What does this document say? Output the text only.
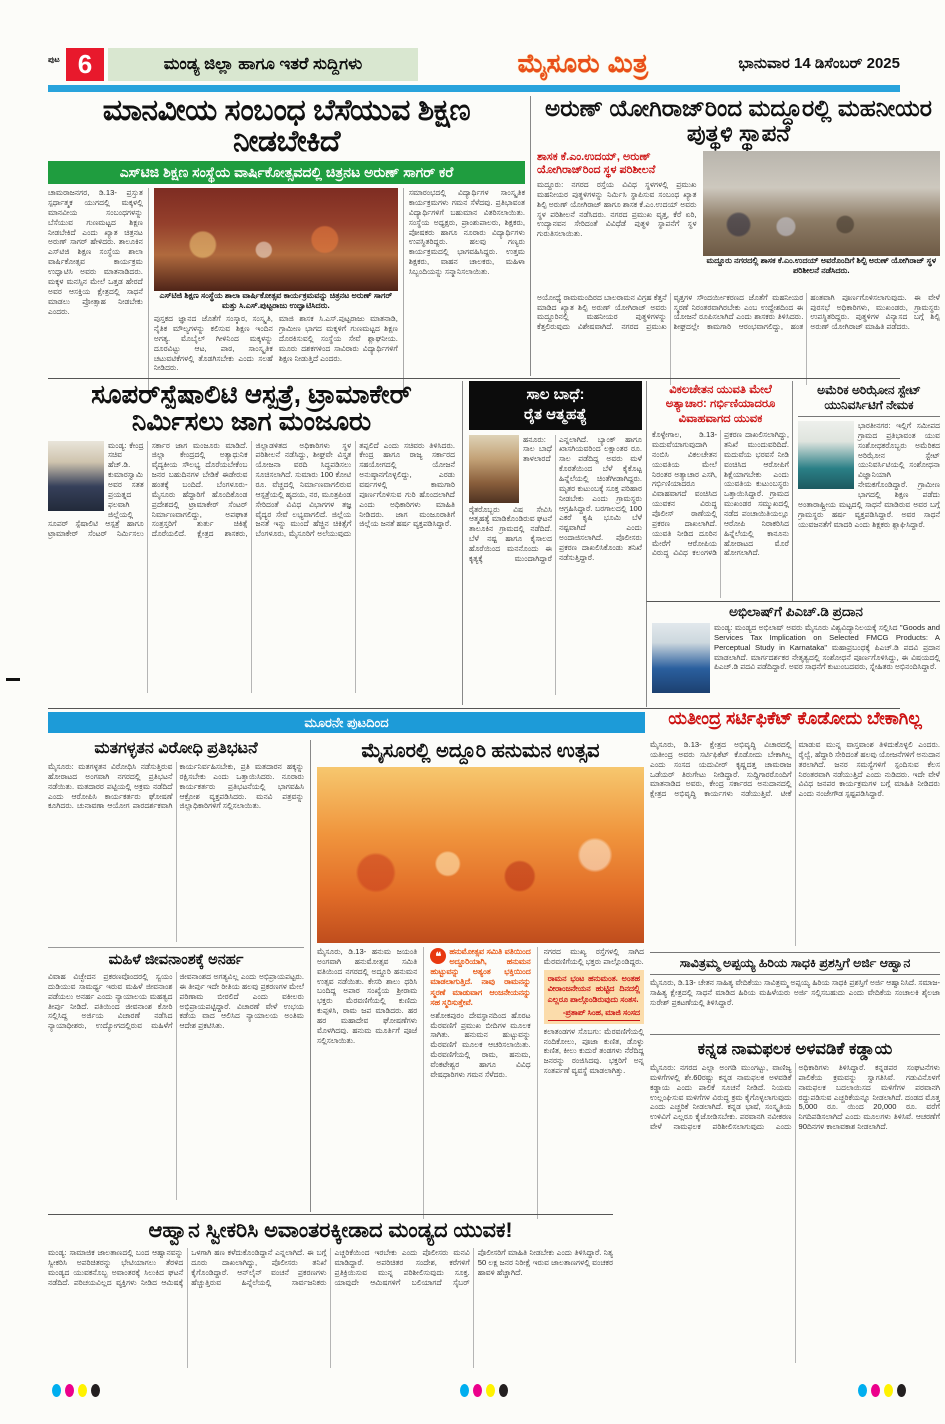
ಪುಟ 6	ಮಂಡ್ಯ ಜಿಲ್ಲಾ ಹಾಗೂ ಇತರೆ ಸುದ್ದಿಗಳು	ಮೈಸೂರು ಮಿತ್ರ	ಭಾನುವಾರ 14 ಡಿಸೆಂಬರ್ 2025
ಮಾನವೀಯ ಸಂಬಂಧ ಬೆಸೆಯುವ ಶಿಕ್ಷಣ ನೀಡಬೇಕಿದೆ
ಎಸ್‌ಟಿಜಿ ಶಿಕ್ಷಣ ಸಂಸ್ಥೆಯ ವಾರ್ಷಿಕೋತ್ಸವದಲ್ಲಿ ಚಿತ್ರನಟ ಅರುಣ್ ಸಾಗರ್ ಕರೆ
ಚಾಮರಾಜನಗರ, ಡಿ.13- ಪ್ರಸ್ತುತ ಸ್ಪರ್ಧಾತ್ಮಕ ಯುಗದಲ್ಲಿ ಮಕ್ಕಳಲ್ಲಿ ಮಾನವೀಯ ಸಂಬಂಧಗಳನ್ನು ಬೆಸೆಯುವ ಗುಣಮಟ್ಟದ ಶಿಕ್ಷಣ ನೀಡಬೇಕಿದೆ ಎಂದು ಖ್ಯಾತ ಚಿತ್ರನಟ ಅರುಣ್ ಸಾಗರ್ ಹೇಳಿದರು. ತಾಲೂಕಿನ ಎಸ್‌ಟಿಜಿ ಶಿಕ್ಷಣ ಸಂಸ್ಥೆಯ ಶಾಲಾ ವಾರ್ಷಿಕೋತ್ಸವ ಕಾರ್ಯಕ್ರಮ ಉದ್ಘಾಟಿಸಿ ಅವರು ಮಾತನಾಡಿದರು. ಮಕ್ಕಳ ಮನಸ್ಸಿನ ಮೇಲೆ ಒತ್ತಡ ಹೇರದೆ ಅವರ ಆಸಕ್ತಿಯ ಕ್ಷೇತ್ರದಲ್ಲಿ ಸಾಧನೆ ಮಾಡಲು ಪ್ರೋತ್ಸಾಹ ನೀಡಬೇಕು ಎಂದರು.
ಎಸ್‌ಟಿಜಿ ಶಿಕ್ಷಣ ಸಂಸ್ಥೆಯ ಶಾಲಾ ವಾರ್ಷಿಕೋತ್ಸವ ಕಾರ್ಯಕ್ರಮವನ್ನು ಚಿತ್ರನಟ ಅರುಣ್ ಸಾಗರ್ ಮತ್ತು ಸಿ.ಎಸ್.ಪುಟ್ಟರಾಜು ಉದ್ಘಾಟಿಸಿದರು.
ಪುಸ್ತಕದ ಜ್ಞಾನದ ಜೊತೆಗೆ ಸಂಸ್ಕಾರ, ಸಂಸ್ಕೃತಿ, ನೈತಿಕ ಮೌಲ್ಯಗಳನ್ನು ಕಲಿಸುವ ಶಿಕ್ಷಣ ಇಂದಿನ ಅಗತ್ಯ. ಮೊಬೈಲ್ ಗೀಳಿನಿಂದ ಮಕ್ಕಳನ್ನು ದೂರವಿಟ್ಟು ಆಟ, ಪಾಠ, ಸಾಂಸ್ಕೃತಿಕ ಚಟುವಟಿಕೆಗಳಲ್ಲಿ ತೊಡಗಿಸಬೇಕು ಎಂದು ಸಲಹೆ ನೀಡಿದರು.
ಮಾಜಿ ಶಾಸಕ ಸಿ.ಎಸ್.ಪುಟ್ಟರಾಜು ಮಾತನಾಡಿ, ಗ್ರಾಮೀಣ ಭಾಗದ ಮಕ್ಕಳಿಗೆ ಗುಣಮಟ್ಟದ ಶಿಕ್ಷಣ ದೊರಕಿಸುವಲ್ಲಿ ಸಂಸ್ಥೆಯ ಸೇವೆ ಶ್ಲಾಘನೀಯ. ಮೂರು ದಶಕಗಳಿಂದ ಸಾವಿರಾರು ವಿದ್ಯಾರ್ಥಿಗಳಿಗೆ ಶಿಕ್ಷಣ ನೀಡುತ್ತಿದೆ ಎಂದರು.
ಸಮಾರಂಭದಲ್ಲಿ ವಿದ್ಯಾರ್ಥಿಗಳ ಸಾಂಸ್ಕೃತಿಕ ಕಾರ್ಯಕ್ರಮಗಳು ಗಮನ ಸೆಳೆದವು. ಪ್ರತಿಭಾವಂತ ವಿದ್ಯಾರ್ಥಿಗಳಿಗೆ ಬಹುಮಾನ ವಿತರಿಸಲಾಯಿತು. ಸಂಸ್ಥೆಯ ಅಧ್ಯಕ್ಷರು, ಪ್ರಾಂಶುಪಾಲರು, ಶಿಕ್ಷಕರು, ಪೋಷಕರು ಹಾಗೂ ನೂರಾರು ವಿದ್ಯಾರ್ಥಿಗಳು ಉಪಸ್ಥಿತರಿದ್ದರು. ಹಲವು ಗಣ್ಯರು ಕಾರ್ಯಕ್ರಮದಲ್ಲಿ ಭಾಗವಹಿಸಿದ್ದರು. ಉತ್ತಮ ಶಿಕ್ಷಕರು, ವಾಹನ ಚಾಲಕರು, ಮಹಿಳಾ ಸಿಬ್ಬಂದಿಯನ್ನು ಸನ್ಮಾನಿಸಲಾಯಿತು.
ಅರುಣ್ ಯೋಗಿರಾಜ್‌ರಿಂದ ಮದ್ದೂರಲ್ಲಿ ಮಹನೀಯರ ಪುತ್ಥಳಿ ಸ್ಥಾಪನೆ
ಶಾಸಕ ಕೆ.ಎಂ.ಉದಯ್, ಅರುಣ್ ಯೋಗಿರಾಜ್‌ರಿಂದ ಸ್ಥಳ ಪರಿಶೀಲನೆ
ಮದ್ದೂರು: ನಗರದ ರಸ್ತೆಯ ವಿವಿಧ ಸ್ಥಳಗಳಲ್ಲಿ ಪ್ರಮುಖ ಮಹನೀಯರ ಪುತ್ಥಳಿಗಳನ್ನು ನಿರ್ಮಿಸಿ ಸ್ಥಾಪಿಸುವ ಸಂಬಂಧ ಖ್ಯಾತ ಶಿಲ್ಪಿ ಅರುಣ್ ಯೋಗಿರಾಜ್ ಹಾಗೂ ಶಾಸಕ ಕೆ.ಎಂ.ಉದಯ್ ಅವರು ಸ್ಥಳ ಪರಿಶೀಲನೆ ನಡೆಸಿದರು. ನಗರದ ಪ್ರಮುಖ ವೃತ್ತ, ಕೆರೆ ಏರಿ, ಉದ್ಯಾನವನ ಸೇರಿದಂತೆ ವಿವಿಧೆಡೆ ಪುತ್ಥಳಿ ಸ್ಥಾಪನೆಗೆ ಸ್ಥಳ ಗುರುತಿಸಲಾಯಿತು.
ಮದ್ದೂರು ನಗರದಲ್ಲಿ ಶಾಸಕ ಕೆ.ಎಂ.ಉದಯ್ ಅವರೊಂದಿಗೆ ಶಿಲ್ಪಿ ಅರುಣ್ ಯೋಗಿರಾಜ್ ಸ್ಥಳ ಪರಿಶೀಲನೆ ನಡೆಸಿದರು.
ಅಯೋಧ್ಯೆ ರಾಮಮಂದಿರದ ಬಾಲರಾಮನ ವಿಗ್ರಹ ಕೆತ್ತನೆ ಮಾಡಿದ ಖ್ಯಾತ ಶಿಲ್ಪಿ ಅರುಣ್ ಯೋಗಿರಾಜ್ ಅವರು ಮದ್ದೂರಿನಲ್ಲಿ ಮಹನೀಯರ ಪುತ್ಥಳಿಗಳನ್ನು ಕೆತ್ತಲಿರುವುದು ವಿಶೇಷವಾಗಿದೆ. ನಗರದ ಪ್ರಮುಖ ವೃತ್ತಗಳ ಸೌಂದರ್ಯೀಕರಣದ ಜೊತೆಗೆ ಮಹನೀಯರ ಸ್ಮರಣೆ ನಿರಂತರವಾಗಿರಬೇಕು ಎಂಬ ಉದ್ದೇಶದಿಂದ ಈ ಯೋಜನೆ ರೂಪಿಸಲಾಗಿದೆ ಎಂದು ಶಾಸಕರು ತಿಳಿಸಿದರು. ಶೀಘ್ರದಲ್ಲೇ ಕಾಮಗಾರಿ ಆರಂಭವಾಗಲಿದ್ದು, ಹಂತ ಹಂತವಾಗಿ ಪೂರ್ಣಗೊಳಿಸಲಾಗುವುದು. ಈ ವೇಳೆ ಪುರಸಭೆ ಅಧಿಕಾರಿಗಳು, ಮುಖಂಡರು, ಗ್ರಾಮಸ್ಥರು ಉಪಸ್ಥಿತರಿದ್ದರು. ಪುತ್ಥಳಿಗಳ ವಿನ್ಯಾಸದ ಬಗ್ಗೆ ಶಿಲ್ಪಿ ಅರುಣ್ ಯೋಗಿರಾಜ್ ಮಾಹಿತಿ ಪಡೆದರು.
ಸೂಪರ್‌ಸ್ಪೆಷಾಲಿಟಿ ಆಸ್ಪತ್ರೆ, ಟ್ರಾಮಾಕೇರ್ ನಿರ್ಮಿಸಲು ಜಾಗ ಮಂಜೂರು
ಮಂಡ್ಯ: ಕೇಂದ್ರ ಸಚಿವ ಹೆಚ್.ಡಿ. ಕುಮಾರಸ್ವಾಮಿ ಅವರ ಸತತ ಪ್ರಯತ್ನದ ಫಲವಾಗಿ ಜಿಲ್ಲೆಯಲ್ಲಿ ಸೂಪರ್ ಸ್ಪೆಷಾಲಿಟಿ ಆಸ್ಪತ್ರೆ ಹಾಗೂ ಟ್ರಾಮಾಕೇರ್ ಸೆಂಟರ್ ನಿರ್ಮಿಸಲು ಸರ್ಕಾರ ಜಾಗ ಮಂಜೂರು ಮಾಡಿದೆ. ಜಿಲ್ಲಾ ಕೇಂದ್ರದಲ್ಲಿ ಅತ್ಯಾಧುನಿಕ ವೈದ್ಯಕೀಯ ಸೌಲಭ್ಯ ದೊರೆಯಬೇಕೆಂಬ ಜನರ ಬಹುದಿನಗಳ ಬೇಡಿಕೆ ಈಡೇರುವ ಹಂತಕ್ಕೆ ಬಂದಿದೆ. ಬೆಂಗಳೂರು-ಮೈಸೂರು ಹೆದ್ದಾರಿಗೆ ಹೊಂದಿಕೊಂಡ ಪ್ರದೇಶದಲ್ಲಿ ಟ್ರಾಮಾಕೇರ್ ಸೆಂಟರ್ ನಿರ್ಮಾಣವಾಗಲಿದ್ದು, ಅಪಘಾತ ಸಂತ್ರಸ್ತರಿಗೆ ತುರ್ತು ಚಿಕಿತ್ಸೆ ದೊರೆಯಲಿದೆ. ಕ್ಷೇತ್ರದ ಶಾಸಕರು, ಜಿಲ್ಲಾಡಳಿತದ ಅಧಿಕಾರಿಗಳು ಸ್ಥಳ ಪರಿಶೀಲನೆ ನಡೆಸಿದ್ದು, ಶೀಘ್ರವೇ ವಿಸ್ತೃತ ಯೋಜನಾ ವರದಿ ಸಿದ್ಧಪಡಿಸಲು ಸೂಚಿಸಲಾಗಿದೆ. ಸುಮಾರು 100 ಕೋಟಿ ರೂ. ವೆಚ್ಚದಲ್ಲಿ ನಿರ್ಮಾಣವಾಗಲಿರುವ ಆಸ್ಪತ್ರೆಯಲ್ಲಿ ಹೃದಯ, ನರ, ಮೂತ್ರಪಿಂಡ ಸೇರಿದಂತೆ ವಿವಿಧ ವಿಭಾಗಗಳ ತಜ್ಞ ವೈದ್ಯರ ಸೇವೆ ಲಭ್ಯವಾಗಲಿದೆ. ಜಿಲ್ಲೆಯ ಜನತೆ ಇನ್ನು ಮುಂದೆ ಹೆಚ್ಚಿನ ಚಿಕಿತ್ಸೆಗೆ ಬೆಂಗಳೂರು, ಮೈಸೂರಿಗೆ ಅಲೆಯುವುದು ತಪ್ಪಲಿದೆ ಎಂದು ಸಚಿವರು ತಿಳಿಸಿದರು. ಕೇಂದ್ರ ಹಾಗೂ ರಾಜ್ಯ ಸರ್ಕಾರದ ಸಹಯೋಗದಲ್ಲಿ ಯೋಜನೆ ಅನುಷ್ಠಾನಗೊಳ್ಳಲಿದ್ದು, ಎರಡು ವರ್ಷಗಳಲ್ಲಿ ಕಾಮಗಾರಿ ಪೂರ್ಣಗೊಳಿಸುವ ಗುರಿ ಹೊಂದಲಾಗಿದೆ ಎಂದು ಅಧಿಕಾರಿಗಳು ಮಾಹಿತಿ ನೀಡಿದರು. ಜಾಗ ಮಂಜೂರಾತಿಗೆ ಜಿಲ್ಲೆಯ ಜನತೆ ಹರ್ಷ ವ್ಯಕ್ತಪಡಿಸಿದ್ದಾರೆ.
ಸಾಲ ಬಾಧೆ:
ರೈತ ಆತ್ಮಹತ್ಯೆ
ಹನೂರು: ಸಾಲ ಬಾಧೆ ತಾಳಲಾರದೆ ರೈತರೊಬ್ಬರು ವಿಷ ಸೇವಿಸಿ ಆತ್ಮಹತ್ಯೆ ಮಾಡಿಕೊಂಡಿರುವ ಘಟನೆ ತಾಲೂಕಿನ ಗ್ರಾಮದಲ್ಲಿ ನಡೆದಿದೆ. ಬೆಳೆ ನಷ್ಟ ಹಾಗೂ ಕೈಸಾಲದ ಹೊರೆಯಿಂದ ಮನನೊಂದು ಈ ಕೃತ್ಯಕ್ಕೆ ಮುಂದಾಗಿದ್ದಾರೆ ಎನ್ನಲಾಗಿದೆ. ಬ್ಯಾಂಕ್ ಹಾಗೂ ಖಾಸಗಿಯವರಿಂದ ಲಕ್ಷಾಂತರ ರೂ. ಸಾಲ ಪಡೆದಿದ್ದ ಅವರು ಮಳೆ ಕೊರತೆಯಿಂದ ಬೆಳೆ ಕೈಕೊಟ್ಟ ಹಿನ್ನೆಲೆಯಲ್ಲಿ ಚಿಂತೆಗೀಡಾಗಿದ್ದರು. ಮೃತರ ಕುಟುಂಬಕ್ಕೆ ಸೂಕ್ತ ಪರಿಹಾರ ನೀಡಬೇಕು ಎಂದು ಗ್ರಾಮಸ್ಥರು ಆಗ್ರಹಿಸಿದ್ದಾರೆ. ಬರಗಾಲದಲ್ಲಿ 100 ಎಕರೆ ಕೃಷಿ ಭೂಮಿ ಬೆಳೆ ನಷ್ಟವಾಗಿದೆ ಎಂದು ಅಂದಾಜಿಸಲಾಗಿದೆ. ಪೊಲೀಸರು ಪ್ರಕರಣ ದಾಖಲಿಸಿಕೊಂಡು ತನಿಖೆ ನಡೆಸುತ್ತಿದ್ದಾರೆ.
ವಿಕಲಚೇತನ ಯುವತಿ ಮೇಲೆ ಅತ್ಯಾಚಾರ: ಗರ್ಭಿಣಿಯಾದರೂ ವಿವಾಹವಾಗದ ಯುವಕ
ಕೊಳ್ಳೇಗಾಲ, ಡಿ.13- ಮದುವೆಯಾಗುವುದಾಗಿ ನಂಬಿಸಿ ವಿಕಲಚೇತನ ಯುವತಿಯ ಮೇಲೆ ನಿರಂತರ ಅತ್ಯಾಚಾರ ಎಸಗಿ, ಗರ್ಭಿಣಿಯಾದರೂ ವಿವಾಹವಾಗದೆ ವಂಚಿಸಿದ ಯುವಕನ ವಿರುದ್ಧ ಪೊಲೀಸ್ ಠಾಣೆಯಲ್ಲಿ ಪ್ರಕರಣ ದಾಖಲಾಗಿದೆ. ಯುವತಿ ನೀಡಿದ ದೂರಿನ ಮೇರೆಗೆ ಆರೋಪಿಯ ವಿರುದ್ಧ ವಿವಿಧ ಕಲಂಗಳಡಿ ಪ್ರಕರಣ ದಾಖಲಿಸಲಾಗಿದ್ದು, ತನಿಖೆ ಮುಂದುವರಿದಿದೆ. ಮದುವೆಯ ಭರವಸೆ ನೀಡಿ ವಂಚಿಸಿದ ಆರೋಪಿಗೆ ಶಿಕ್ಷೆಯಾಗಬೇಕು ಎಂದು ಯುವತಿಯ ಕುಟುಂಬಸ್ಥರು ಒತ್ತಾಯಿಸಿದ್ದಾರೆ. ಗ್ರಾಮದ ಮುಖಂಡರ ಸಮ್ಮುಖದಲ್ಲಿ ನಡೆದ ಪಂಚಾಯಿತಿಯಲ್ಲೂ ಆರೋಪಿ ನಿರಾಕರಿಸಿದ ಹಿನ್ನೆಲೆಯಲ್ಲಿ ಕಾನೂನು ಹೋರಾಟದ ಮೊರೆ ಹೋಗಲಾಗಿದೆ.
ಅಮೆರಿಕ ಅರಿಝೋನ ಸ್ಟೇಟ್ ಯುನಿವರ್ಸಿಟಿಗೆ ನೇಮಕ
ಭಾರತೀನಗರ: ಇಲ್ಲಿಗೆ ಸಮೀಪದ ಗ್ರಾಮದ ಪ್ರತಿಭಾವಂತ ಯುವ ಸಂಶೋಧಕರೊಬ್ಬರು ಅಮೆರಿಕದ ಅರಿಝೋನ ಸ್ಟೇಟ್ ಯುನಿವರ್ಸಿಟಿಯಲ್ಲಿ ಸಂಶೋಧನಾ ವಿಜ್ಞಾನಿಯಾಗಿ ನೇಮಕಗೊಂಡಿದ್ದಾರೆ. ಗ್ರಾಮೀಣ ಭಾಗದಲ್ಲಿ ಶಿಕ್ಷಣ ಪಡೆದು ಅಂತಾರಾಷ್ಟ್ರೀಯ ಮಟ್ಟದಲ್ಲಿ ಸಾಧನೆ ಮಾಡಿರುವ ಅವರ ಬಗ್ಗೆ ಗ್ರಾಮಸ್ಥರು ಹರ್ಷ ವ್ಯಕ್ತಪಡಿಸಿದ್ದಾರೆ. ಅವರ ಸಾಧನೆ ಯುವಜನತೆಗೆ ಮಾದರಿ ಎಂದು ಶಿಕ್ಷಕರು ಶ್ಲಾಘಿಸಿದ್ದಾರೆ.
ಅಭಿಲಾಷ್‌ಗೆ ಪಿಎಚ್.ಡಿ ಪ್ರದಾನ
ಮಂಡ್ಯ: ಮಂಡ್ಯದ ಅಭಿಲಾಷ್ ಅವರು ಮೈಸೂರು ವಿಶ್ವವಿದ್ಯಾನಿಲಯಕ್ಕೆ ಸಲ್ಲಿಸಿದ "Goods and Services Tax Implication on Selected FMCG Products: A Perceptual Study in Karnataka" ಮಹಾಪ್ರಬಂಧಕ್ಕೆ ಪಿಎಚ್.ಡಿ ಪದವಿ ಪ್ರದಾನ ಮಾಡಲಾಗಿದೆ. ಮಾರ್ಗದರ್ಶಕರ ನೇತೃತ್ವದಲ್ಲಿ ಸಂಶೋಧನೆ ಪೂರ್ಣಗೊಳಿಸಿದ್ದು, ಈ ವಿಷಯದಲ್ಲಿ ಪಿಎಚ್.ಡಿ ಪದವಿ ಪಡೆದಿದ್ದಾರೆ. ಅವರ ಸಾಧನೆಗೆ ಕುಟುಂಬದವರು, ಸ್ನೇಹಿತರು ಅಭಿನಂದಿಸಿದ್ದಾರೆ.
ಮೂರನೇ ಪುಟದಿಂದ	ಯತೀಂದ್ರ ಸರ್ಟಿಫಿಕೆಟ್ ಕೊಡೋದು ಬೇಕಾಗಿಲ್ಲ
ಮತಗಳ್ಳತನ ವಿರೋಧಿ ಪ್ರತಿಭಟನೆ
ಮೈಸೂರು: ಮತಗಳ್ಳತನ ವಿರೋಧಿಸಿ ನಡೆಸುತ್ತಿರುವ ಹೋರಾಟದ ಅಂಗವಾಗಿ ನಗರದಲ್ಲಿ ಪ್ರತಿಭಟನೆ ನಡೆಯಿತು. ಮತದಾರರ ಪಟ್ಟಿಯಲ್ಲಿ ಅಕ್ರಮ ನಡೆದಿದೆ ಎಂದು ಆರೋಪಿಸಿ ಕಾರ್ಯಕರ್ತರು ಘೋಷಣೆ ಕೂಗಿದರು. ಚುನಾವಣಾ ಆಯೋಗ ಪಾರದರ್ಶಕವಾಗಿ ಕಾರ್ಯನಿರ್ವಹಿಸಬೇಕು, ಪ್ರತಿ ಮತದಾರನ ಹಕ್ಕನ್ನು ರಕ್ಷಿಸಬೇಕು ಎಂದು ಒತ್ತಾಯಿಸಿದರು. ನೂರಾರು ಕಾರ್ಯಕರ್ತರು ಪ್ರತಿಭಟನೆಯಲ್ಲಿ ಭಾಗವಹಿಸಿ ಆಕ್ರೋಶ ವ್ಯಕ್ತಪಡಿಸಿದರು. ಮನವಿ ಪತ್ರವನ್ನು ಜಿಲ್ಲಾಧಿಕಾರಿಗಳಿಗೆ ಸಲ್ಲಿಸಲಾಯಿತು.
ಮಹಿಳೆ ಜೀವನಾಂಶಕ್ಕೆ ಅನರ್ಹ
ವಿವಾಹ ವಿಚ್ಛೇದನ ಪ್ರಕರಣವೊಂದರಲ್ಲಿ ಸ್ವಯಂ ದುಡಿಯುವ ಸಾಮರ್ಥ್ಯ ಇರುವ ಮಹಿಳೆ ಜೀವನಾಂಶ ಪಡೆಯಲು ಅನರ್ಹ ಎಂದು ನ್ಯಾಯಾಲಯ ಮಹತ್ವದ ತೀರ್ಪು ನೀಡಿದೆ. ಪತಿಯಿಂದ ಜೀವನಾಂಶ ಕೋರಿ ಸಲ್ಲಿಸಿದ್ದ ಅರ್ಜಿಯ ವಿಚಾರಣೆ ನಡೆಸಿದ ನ್ಯಾಯಾಧೀಶರು, ಉದ್ಯೋಗದಲ್ಲಿರುವ ಮಹಿಳೆಗೆ ಜೀವನಾಂಶದ ಅಗತ್ಯವಿಲ್ಲ ಎಂದು ಅಭಿಪ್ರಾಯಪಟ್ಟರು. ಈ ತೀರ್ಪು ಇದೇ ರೀತಿಯ ಹಲವು ಪ್ರಕರಣಗಳ ಮೇಲೆ ಪರಿಣಾಮ ಬೀರಲಿದೆ ಎಂದು ವಕೀಲರು ಅಭಿಪ್ರಾಯಪಟ್ಟಿದ್ದಾರೆ. ವಿಚಾರಣೆ ವೇಳೆ ಉಭಯ ಕಡೆಯ ವಾದ ಆಲಿಸಿದ ನ್ಯಾಯಾಲಯ ಅಂತಿಮ ಆದೇಶ ಪ್ರಕಟಿಸಿತು.
ಮೈಸೂರಲ್ಲಿ ಅದ್ದೂರಿ ಹನುಮನ ಉತ್ಸವ
ಮೈಸೂರು, ಡಿ.13- ಹನುಮ ಜಯಂತಿ ಅಂಗವಾಗಿ ಹನುಮೋತ್ಸವ ಸಮಿತಿ ವತಿಯಿಂದ ನಗರದಲ್ಲಿ ಅದ್ದೂರಿ ಹನುಮನ ಉತ್ಸವ ನಡೆಯಿತು. ಕೇಸರಿ ಶಾಲು ಧರಿಸಿ ಬಂದಿದ್ದ ಅಪಾರ ಸಂಖ್ಯೆಯ ಶ್ರೀರಾಮ ಭಕ್ತರು ಮೆರವಣಿಗೆಯಲ್ಲಿ ಕುಣಿದು ಕುಪ್ಪಳಿಸಿ, ರಾಮ ಜಪ ಮಾಡಿದರು. ಹರ ಹರ ಮಹಾದೇವ ಘೋಷಣೆಗಳು ಮೊಳಗಿದವು. ಹನುಮ ಮೂರ್ತಿಗೆ ಪೂಜೆ ಸಲ್ಲಿಸಲಾಯಿತು.
❝	ಹನುಮೋತ್ಸವ ಸಮಿತಿ ವತಿಯಿಂದ ಅದ್ದೂರಿಯಾಗಿ, ಹನುಮನ ಹುಟ್ಟುವನ್ನು ಅತ್ಯಂತ ಭಕ್ತಿಯಿಂದ ಮಾಡಲಾಗುತ್ತಿದೆ. ನಾವು ರಾಮನನ್ನು ಸ್ಮರಣೆ ಮಾಡುವಾಗ ಆಂಜನೇಯನನ್ನು ಸಹ ಸ್ಮರಿಸುತ್ತೇವೆ.
ಅಶೋಕಪುರಂ ದೇವಸ್ಥಾನದಿಂದ ಹೊರಟ ಮೆರವಣಿಗೆ ಪ್ರಮುಖ ಬೀದಿಗಳ ಮೂಲಕ ಸಾಗಿತು. ಹನುಮನ ಹುಟ್ಟುವನ್ನು ಮೆರವಣಿಗೆ ಮೂಲಕ ಆಚರಿಸಲಾಯಿತು. ಮೆರವಣಿಗೆಯಲ್ಲಿ ರಾಮ, ಹನುಮ, ವೆಂಕಟೇಶ್ವರ ಹಾಗೂ ವಿವಿಧ ವೇಷಧಾರಿಗಳು ಗಮನ ಸೆಳೆದರು.
ನಗರದ ಮುಖ್ಯ ರಸ್ತೆಗಳಲ್ಲಿ ಸಾಗಿದ ಮೆರವಣಿಗೆಯಲ್ಲಿ ಭಕ್ತರು ಪಾಲ್ಗೊಂಡಿದ್ದರು.
ರಾಮನ ಭಂಟ ಹನುಮಂತ. ಅಂತಹ ವೀರಾಂಜನೇಯನ ಹುಟ್ಟಿದ ದಿನದಲ್ಲಿ ಎಲ್ಲರೂ ಪಾಲ್ಗೊಂಡಿರುವುದು ಸಂತಸ.
-ಪ್ರತಾಪ್ ಸಿಂಹ, ಮಾಜಿ ಸಂಸದ
ಕಲಾತಂಡಗಳ ಸೊಬಗು: ಮೆರವಣಿಗೆಯಲ್ಲಿ ನಂದಿಕೋಲು, ಪೂಜಾ ಕುಣಿತ, ಡೊಳ್ಳು ಕುಣಿತ, ಕೀಲು ಕುದುರೆ ತಂಡಗಳು ನೆರೆದಿದ್ದ ಜನರನ್ನು ರಂಜಿಸಿದವು. ಭಕ್ತರಿಗೆ ಅನ್ನ ಸಂತರ್ಪಣೆ ವ್ಯವಸ್ಥೆ ಮಾಡಲಾಗಿತ್ತು.
ಮೈಸೂರು, ಡಿ.13- ಕ್ಷೇತ್ರದ ಅಭಿವೃದ್ಧಿ ವಿಚಾರದಲ್ಲಿ ಯತೀಂದ್ರ ಅವರು ಸರ್ಟಿಫಿಕೆಟ್ ಕೊಡೋದು ಬೇಕಾಗಿಲ್ಲ ಎಂದು ಸಂಸದ ಯದುವೀರ್ ಕೃಷ್ಣದತ್ತ ಚಾಮರಾಜ ಒಡೆಯರ್ ತಿರುಗೇಟು ನೀಡಿದ್ದಾರೆ. ಸುದ್ದಿಗಾರರೊಂದಿಗೆ ಮಾತನಾಡಿದ ಅವರು, ಕೇಂದ್ರ ಸರ್ಕಾರದ ಅನುದಾನದಲ್ಲಿ ಕ್ಷೇತ್ರದ ಅಭಿವೃದ್ಧಿ ಕಾರ್ಯಗಳು ನಡೆಯುತ್ತಿವೆ. ಟೀಕೆ ಮಾಡುವ ಮುನ್ನ ವಾಸ್ತವಾಂಶ ತಿಳಿದುಕೊಳ್ಳಲಿ ಎಂದರು. ರೈಲ್ವೆ, ಹೆದ್ದಾರಿ ಸೇರಿದಂತೆ ಹಲವು ಯೋಜನೆಗಳಿಗೆ ಅನುದಾನ ತರಲಾಗಿದೆ. ಜನರ ಸಮಸ್ಯೆಗಳಿಗೆ ಸ್ಪಂದಿಸುವ ಕೆಲಸ ನಿರಂತರವಾಗಿ ನಡೆಯುತ್ತಿದೆ ಎಂದು ನುಡಿದರು. ಇದೇ ವೇಳೆ ವಿವಿಧ ಜನಪರ ಕಾರ್ಯಕ್ರಮಗಳ ಬಗ್ಗೆ ಮಾಹಿತಿ ನೀಡಿದರು ಎಂದು ನಂಜೇಗೌಡ ಸ್ಪಷ್ಟಪಡಿಸಿದ್ದಾರೆ.
ಸಾವಿತ್ರಮ್ಮ ಅಪ್ಪಯ್ಯ ಹಿರಿಯ ಸಾಧಕಿ ಪ್ರಶಸ್ತಿಗೆ ಅರ್ಜಿ ಆಹ್ವಾನ
ಮೈಸೂರು, ಡಿ.13- ಚೇತನ ಸಾಹಿತ್ಯ ವೇದಿಕೆಯು ಸಾವಿತ್ರಮ್ಮ ಅಪ್ಪಯ್ಯ ಹಿರಿಯ ಸಾಧಕಿ ಪ್ರಶಸ್ತಿಗೆ ಅರ್ಜಿ ಆಹ್ವಾನಿಸಿದೆ. ಸಮಾಜ- ಸಾಹಿತ್ಯ ಕ್ಷೇತ್ರದಲ್ಲಿ ಸಾಧನೆ ಮಾಡಿದ ಹಿರಿಯ ಮಹಿಳೆಯರು ಅರ್ಜಿ ಸಲ್ಲಿಸಬಹುದು ಎಂದು ವೇದಿಕೆಯ ಸಂಚಾಲಕಿ ಶೈಲಜಾ ಸುರೇಶ್ ಪ್ರಕಟಣೆಯಲ್ಲಿ ತಿಳಿಸಿದ್ದಾರೆ.
ಕನ್ನಡ ನಾಮಫಲಕ ಅಳವಡಿಕೆ ಕಡ್ಡಾಯ
ಮೈಸೂರು: ನಗರದ ಎಲ್ಲಾ ಅಂಗಡಿ ಮುಂಗಟ್ಟು, ವಾಣಿಜ್ಯ ಮಳಿಗೆಗಳಲ್ಲಿ ಶೇ.60ರಷ್ಟು ಕನ್ನಡ ನಾಮಫಲಕ ಅಳವಡಿಕೆ ಕಡ್ಡಾಯ ಎಂದು ಪಾಲಿಕೆ ಸೂಚನೆ ನೀಡಿದೆ. ನಿಯಮ ಉಲ್ಲಂಘಿಸುವ ಮಳಿಗೆಗಳ ವಿರುದ್ಧ ಕ್ರಮ ಕೈಗೊಳ್ಳಲಾಗುವುದು ಎಂದು ಎಚ್ಚರಿಕೆ ನೀಡಲಾಗಿದೆ. ಕನ್ನಡ ಭಾಷೆ, ಸಂಸ್ಕೃತಿಯ ಉಳಿವಿಗೆ ಎಲ್ಲರೂ ಕೈಜೋಡಿಸಬೇಕು. ಪರವಾನಗಿ ನವೀಕರಣ ವೇಳೆ ನಾಮಫಲಕ ಪರಿಶೀಲಿಸಲಾಗುವುದು ಎಂದು ಅಧಿಕಾರಿಗಳು ತಿಳಿಸಿದ್ದಾರೆ. ಕನ್ನಡಪರ ಸಂಘಟನೆಗಳು ಪಾಲಿಕೆಯ ಕ್ರಮವನ್ನು ಸ್ವಾಗತಿಸಿವೆ. ಗಡುವಿನೊಳಗೆ ನಾಮಫಲಕ ಬದಲಾಯಿಸದ ಮಳಿಗೆಗಳ ಪರವಾನಗಿ ರದ್ದುಪಡಿಸುವ ಎಚ್ಚರಿಕೆಯನ್ನೂ ನೀಡಲಾಗಿದೆ. ದಂಡದ ಮೊತ್ತ 5,000 ರೂ. ಯಿಂದ 20,000 ರೂ. ವರೆಗೆ ನಿಗದಿಪಡಿಸಲಾಗಿದೆ ಎಂದು ಮೂಲಗಳು ತಿಳಿಸಿವೆ. ಆಚರಣೆಗೆ 90ದಿನಗಳ ಕಾಲಾವಕಾಶ ನೀಡಲಾಗಿದೆ.
ಆಹ್ವಾನ ಸ್ವೀಕರಿಸಿ ಅವಾಂತರಕ್ಕೀಡಾದ ಮಂಡ್ಯದ ಯುವಕ!
ಮಂಡ್ಯ: ಸಾಮಾಜಿಕ ಜಾಲತಾಣದಲ್ಲಿ ಬಂದ ಆಹ್ವಾನವನ್ನು ಸ್ವೀಕರಿಸಿ ಅಪರಿಚಿತರನ್ನು ಭೇಟಿಯಾಗಲು ತೆರಳಿದ ಮಂಡ್ಯದ ಯುವಕನೊಬ್ಬ ಅವಾಂತರಕ್ಕೆ ಸಿಲುಕಿದ ಘಟನೆ ನಡೆದಿದೆ. ಪರಿಚಯವಿಲ್ಲದ ವ್ಯಕ್ತಿಗಳು ನೀಡಿದ ಆಮಿಷಕ್ಕೆ ಒಳಗಾಗಿ ಹಣ ಕಳೆದುಕೊಂಡಿದ್ದಾನೆ ಎನ್ನಲಾಗಿದೆ. ಈ ಬಗ್ಗೆ ದೂರು ದಾಖಲಾಗಿದ್ದು, ಪೊಲೀಸರು ತನಿಖೆ ಕೈಗೊಂಡಿದ್ದಾರೆ. ಆನ್‌ಲೈನ್ ವಂಚನೆ ಪ್ರಕರಣಗಳು ಹೆಚ್ಚುತ್ತಿರುವ ಹಿನ್ನೆಲೆಯಲ್ಲಿ ಸಾರ್ವಜನಿಕರು ಎಚ್ಚರಿಕೆಯಿಂದ ಇರಬೇಕು ಎಂದು ಪೊಲೀಸರು ಮನವಿ ಮಾಡಿದ್ದಾರೆ. ಅಪರಿಚಿತರ ಸಂದೇಶ, ಕರೆಗಳಿಗೆ ಪ್ರತಿಕ್ರಿಯಿಸುವ ಮುನ್ನ ಪರಿಶೀಲಿಸುವುದು ಸೂಕ್ತ. ಯಾವುದೇ ಆಮಿಷಗಳಿಗೆ ಬಲಿಯಾಗದೆ ಸೈಬರ್ ಪೊಲೀಸರಿಗೆ ಮಾಹಿತಿ ನೀಡಬೇಕು ಎಂದು ತಿಳಿಸಿದ್ದಾರೆ. ನಿತ್ಯ 50 ಲಕ್ಷ ಜನರ ನಿರೀಕ್ಷೆ ಇರುವ ಜಾಲತಾಣಗಳಲ್ಲಿ ವಂಚಕರ ಹಾವಳಿ ಹೆಚ್ಚಾಗಿದೆ.
